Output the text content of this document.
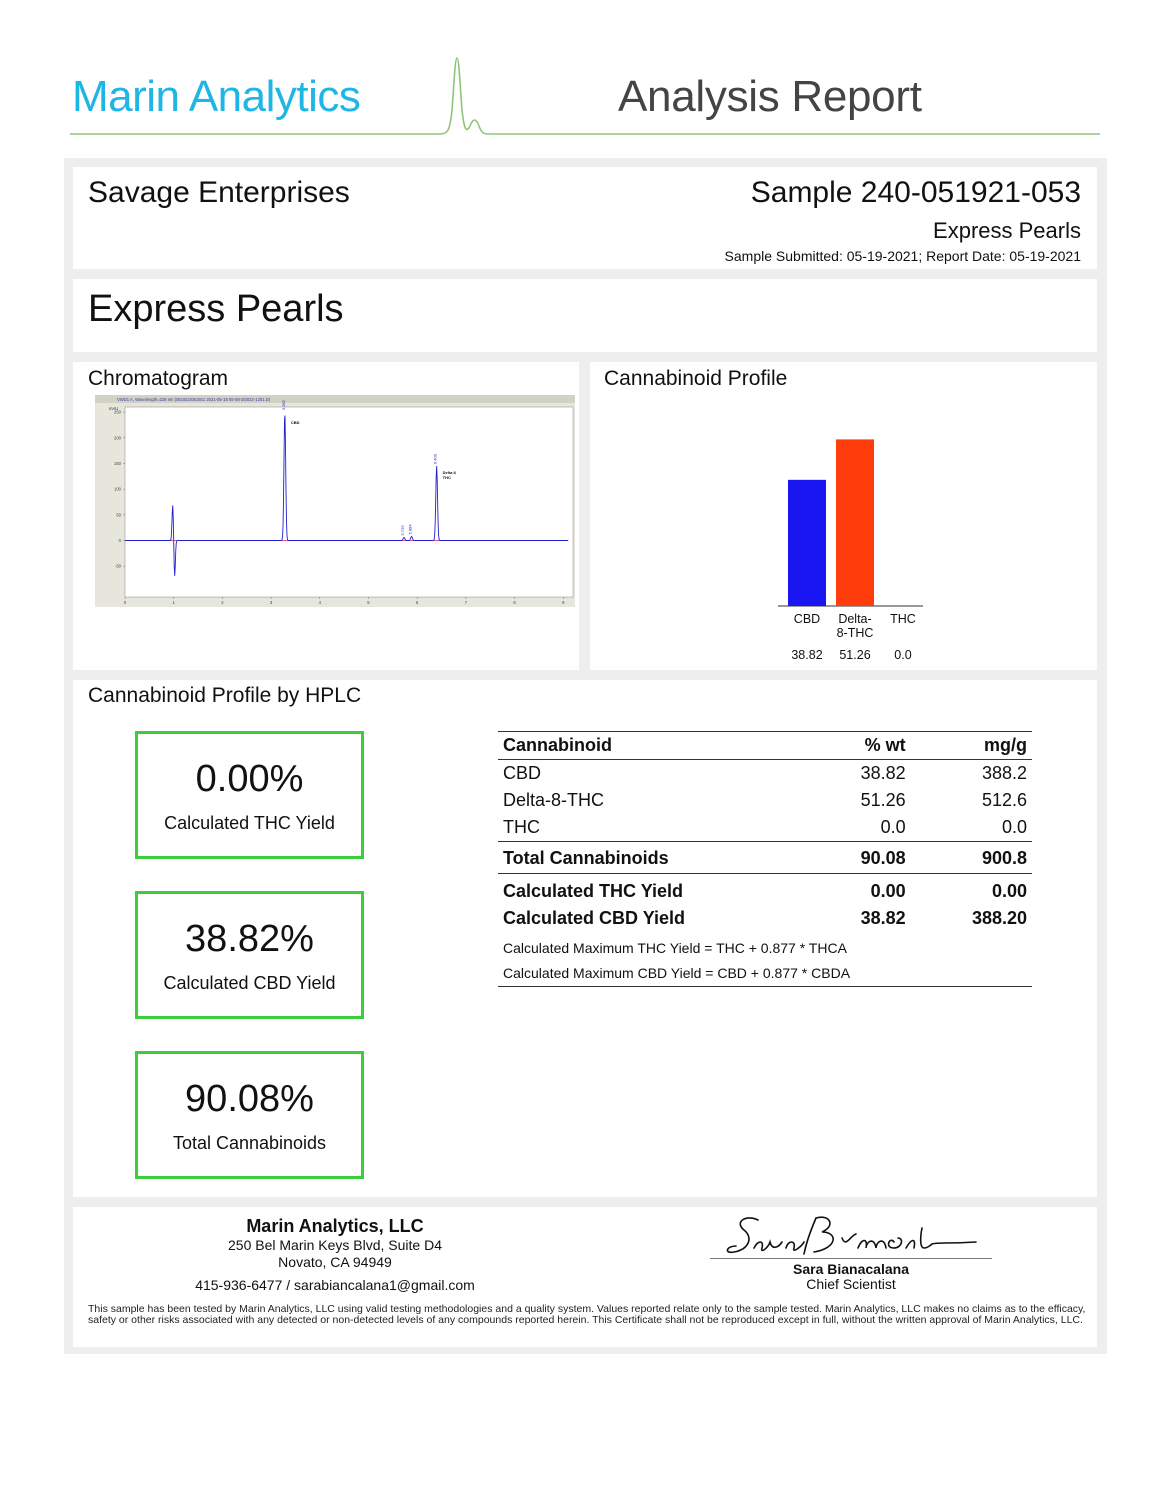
Marin Analytics	Analysis Report
Savage Enterprises	Sample 240-051921-053
Express Pearls
Sample Submitted: 05-19-2021; Report Date: 05-19-2021
Express Pearls
Chromatogram	Cannabinoid Profile
Cannabinoid Profile by HPLC
VWD1 A, Wavelength=228 nm (051921\051921 2021-05-19 05-58-25\022-1201.D)
mAU
250
200
150
100
50
0
-50
0	1	2	3	4	5	6	7	8	9
3.282
CBD
5.729 5.884
6.400
Delta 8
THC
CBD
38.82
Delta-
8-THC
51.26
THC
0.0
0.00%
Calculated THC Yield
38.82%
Calculated CBD Yield
90.08%
Total Cannabinoids
Cannabinoid	% wt	mg/g
CBD	38.82	388.2
Delta-8-THC	51.26	512.6
THC	0.0	0.0
Total Cannabinoids	90.08	900.8
Calculated THC Yield	0.00	0.00
Calculated CBD Yield	38.82	388.20
Calculated Maximum THC Yield = THC + 0.877 * THCA		
Calculated Maximum CBD Yield = CBD + 0.877 * CBDA		
Marin Analytics, LLC
250 Bel Marin Keys Blvd, Suite D4
Novato, CA 94949
415-936-6477 / sarabiancalana1@gmail.com
Sara Bianacalana
Chief Scientist
This sample has been tested by Marin Analytics, LLC using valid testing methodologies and a quality system. Values reported relate only to the sample tested. Marin Analytics, LLC makes no claims as to the efficacy, safety or other risks associated with any detected or non-detected levels of any compounds reported herein. This Certificate shall not be reproduced except in full, without the written approval of Marin Analytics, LLC.
